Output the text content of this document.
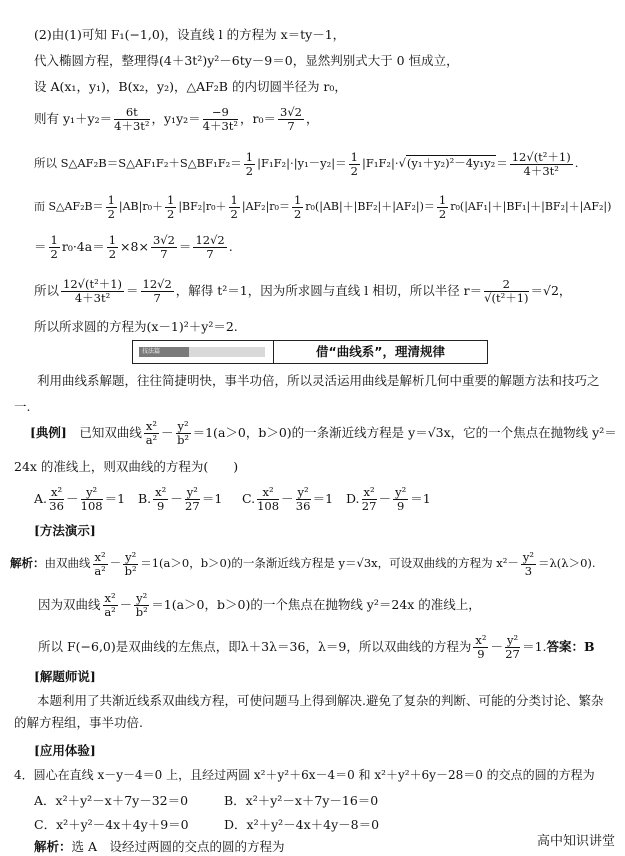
(2)由(1)可知 F₁(−1,0)，设直线 l 的方程为 x＝ty－1，
代入椭圆方程，整理得(4＋3t²)y²－6ty－9＝0，显然判别式大于 0 恒成立，
设 A(x₁，y₁)，B(x₂，y₂)，△AF₂B 的内切圆半径为 r₀，
则有 $y_1+y_2= \frac{6t}{\text{4＋3t²}}$ ，$y_1y_2= \frac{-9}{\text{4＋3t²}}$ ，$r_0= \frac{3√2}{7}$ ，
所以 S△AF₂B＝S△AF₁F₂＋S△BF₁F₂＝ $\frac{1}{2} |F_1F_2|\cdot|y_1-y_2|= \frac{1}{2} |F_1F_2|\cdot√(y_1+y_2)^2-4y_1y_2= \frac{\text{12√(t²＋1)}}{\text{4＋3t²}}$ .
而 S△AF₂B＝ $\frac{1}{2} |AB|r_0+ \frac{1}{2} |BF_2|r_0+ \frac{1}{2} |AF_2|r_0= \frac{1}{2} r_0(|AB|+|BF_2|+|AF_2|)= \frac{1}{2} r_0(|AF_1|+|BF_1|+|BF_2|+|AF_2|)$
＝ $\frac{1}{2} r_0\cdot 4a= \frac{1}{2} \times 8\times \frac{3√2}{7} = \frac{12√2}{7}$ .
所以 $\frac{\text{12√(t²＋1)}}{\text{4＋3t²}} = \frac{12√2}{7}$ ，解得 t²＝1，因为所求圆与直线 l 相切，所以半径 $r= \frac{2}{\text{√(t²＋1)}} =√2$，
所以所求圆的方程为(x－1)²＋y²＝2.
技法篇	借“曲线系”，理清规律
利用曲线系解题，往往简捷明快，事半功倍，所以灵活运用曲线是解析几何中重要的解题方法和技巧之一.
[典例]　 已知双曲线 $\frac{\text{x²}}{\text{a²}} - \frac{\text{y²}}{\text{b²}} =1(a>0$，b＞0)的一条渐近线方程是 y＝√3x，它的一个焦点在抛物线 y²＝
24x 的准线上，则双曲线的方程为(　　)
A. $\frac{\text{x²}}{36} - \frac{\text{y²}}{108} =1$ B. $\frac{\text{x²}}{9} - \frac{\text{y²}}{27} =1$ C. $\frac{\text{x²}}{108} - \frac{\text{y²}}{36} =1$ D. $\frac{\text{x²}}{27} - \frac{\text{y²}}{9} =1$
[方法演示]
解析：由双曲线 $\frac{\text{x²}}{\text{a²}} - \frac{\text{y²}}{\text{b²}} =1(a>0$，b＞0)的一条渐近线方程是 y＝√3x，可设双曲线的方程为 $x^2- \frac{\text{y²}}{3} =\lambda(\lambda>0)$.
因为双曲线 $\frac{\text{x²}}{\text{a²}} - \frac{\text{y²}}{\text{b²}} =1(a>0$，b＞0)的一个焦点在抛物线 y²＝24x 的准线上，
所以 F(−6,0)是双曲线的左焦点，即λ＋3λ＝36，λ＝9，所以双曲线的方程为 $\frac{\text{x²}}{9} - \frac{\text{y²}}{27} =1$.答案：B
[解题师说]
本题利用了共渐近线系双曲线方程，可使问题马上得到解决.避免了复杂的判断、可能的分类讨论、繁杂的解方程组，事半功倍.
[应用体验]
4．圆心在直线 x－y－4＝0 上，且经过两圆 x²＋y²＋6x－4＝0 和 x²＋y²＋6y－28＝0 的交点的圆的方程为
A．x²＋y²－x＋7y－32＝0	B．x²＋y²－x＋7y－16＝0
C．x²＋y²－4x＋4y＋9＝0	D．x²＋y²－4x＋4y－8＝0
解析：选 A　设经过两圆的交点的圆的方程为	高中知识讲堂
